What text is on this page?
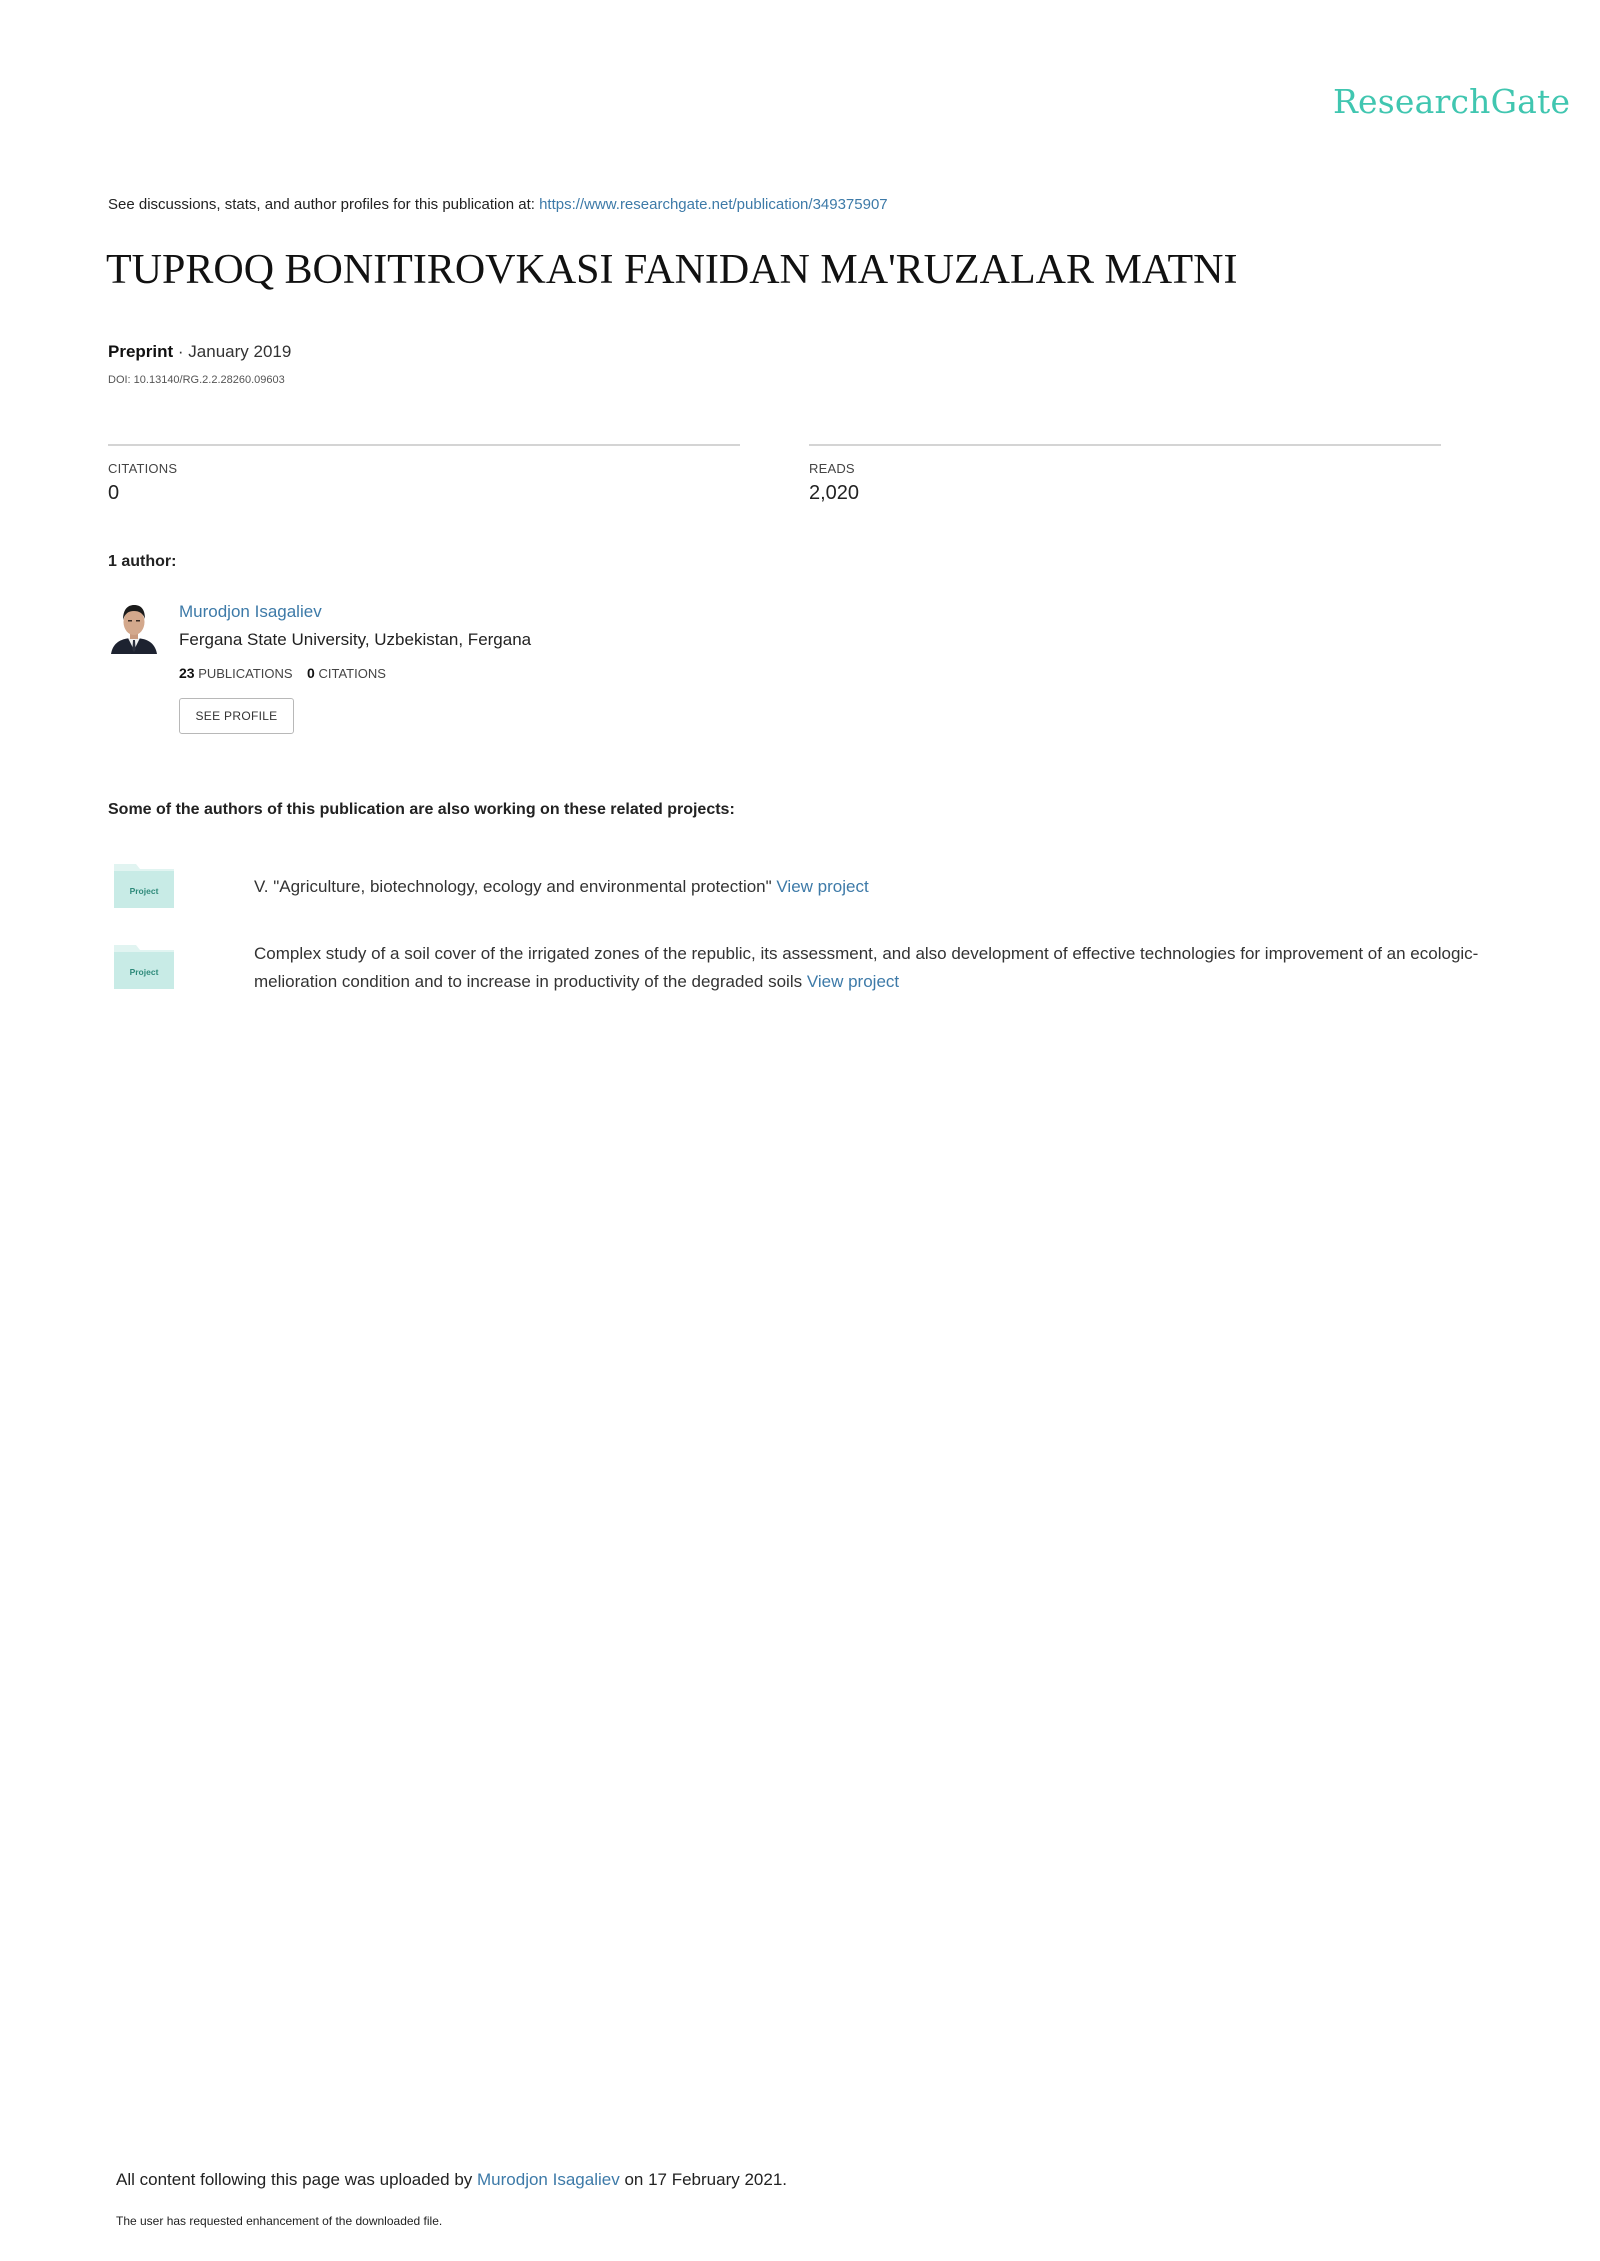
ResearchGate
See discussions, stats, and author profiles for this publication at: https://www.researchgate.net/publication/349375907
TUPROQ BONITIROVKASI FANIDAN MA'RUZALAR MATNI
Preprint · January 2019
DOI: 10.13140/RG.2.2.28260.09603
CITATIONS
0
READS
2,020
1 author:
Murodjon Isagaliev
Fergana State University, Uzbekistan, Fergana
23 PUBLICATIONS 0 CITATIONS
SEE PROFILE
Some of the authors of this publication are also working on these related projects:
Project	V. "Agriculture, biotechnology, ecology and environmental protection" View project
Project
Complex study of a soil cover of the irrigated zones of the republic, its assessment, and also development of effective technologies for improvement of an ecologic-melioration condition and to increase in productivity of the degraded soils View project
All content following this page was uploaded by Murodjon Isagaliev on 17 February 2021.
The user has requested enhancement of the downloaded file.
